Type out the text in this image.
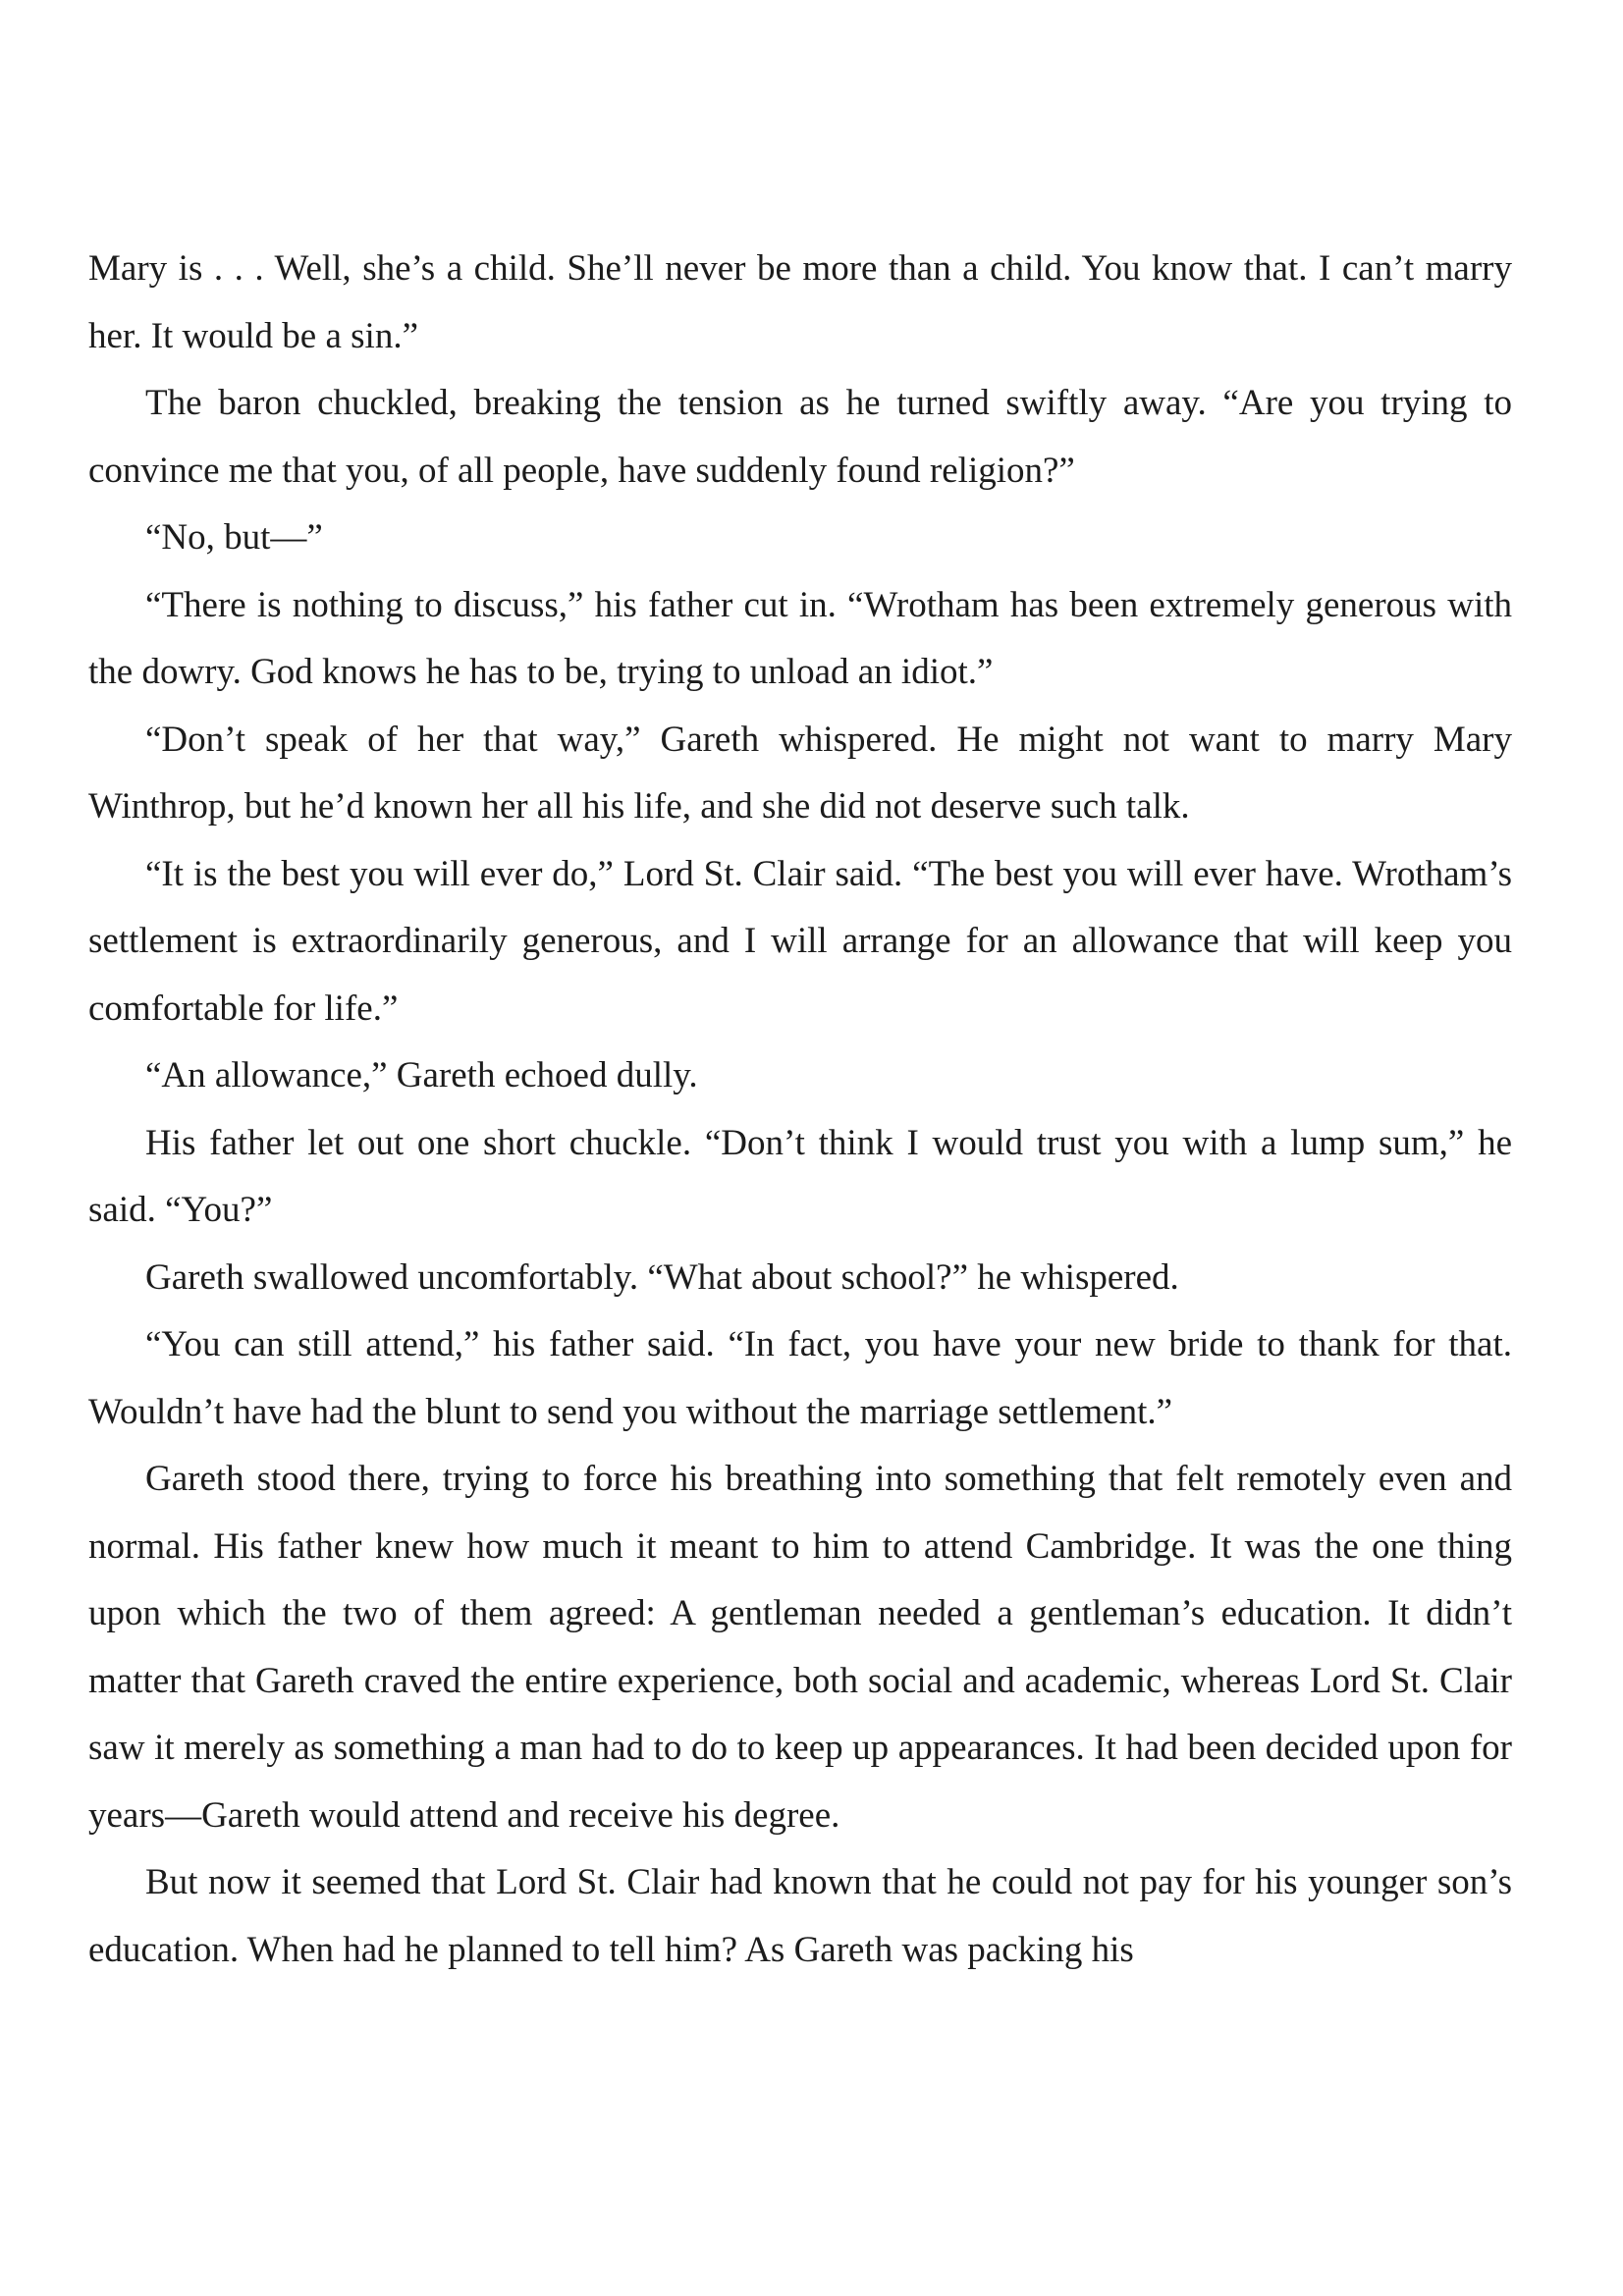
Mary is . . . Well, she’s a child. She’ll never be more than a child. You know that. I can’t marry her. It would be a sin.”

The baron chuckled, breaking the tension as he turned swiftly away. “Are you trying to convince me that you, of all people, have suddenly found religion?”

“No, but—”

“There is nothing to discuss,” his father cut in. “Wrotham has been extremely generous with the dowry. God knows he has to be, trying to unload an idiot.”

“Don’t speak of her that way,” Gareth whispered. He might not want to marry Mary Winthrop, but he’d known her all his life, and she did not deserve such talk.

“It is the best you will ever do,” Lord St. Clair said. “The best you will ever have. Wrotham’s settlement is extraordinarily generous, and I will arrange for an allowance that will keep you comfortable for life.”

“An allowance,” Gareth echoed dully.

His father let out one short chuckle. “Don’t think I would trust you with a lump sum,” he said. “You?”

Gareth swallowed uncomfortably. “What about school?” he whispered.

“You can still attend,” his father said. “In fact, you have your new bride to thank for that. Wouldn’t have had the blunt to send you without the marriage settlement.”

Gareth stood there, trying to force his breathing into something that felt remotely even and normal. His father knew how much it meant to him to attend Cambridge. It was the one thing upon which the two of them agreed: A gentleman needed a gentleman’s education. It didn’t matter that Gareth craved the entire experience, both social and academic, whereas Lord St. Clair saw it merely as something a man had to do to keep up appearances. It had been decided upon for years—Gareth would attend and receive his degree.

But now it seemed that Lord St. Clair had known that he could not pay for his younger son’s education. When had he planned to tell him? As Gareth was packing his
